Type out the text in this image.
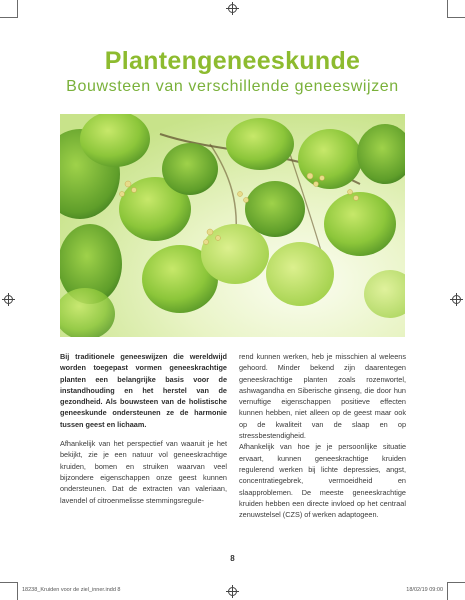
Plantengeneeskunde
Bouwsteen van verschillende geneeswijzen

Bij traditionele geneeswijzen die wereldwijd worden toegepast vormen geneeskrachtige planten een belangrijke basis voor de instandhouding en het herstel van de gezondheid. Als bouwsteen van de holistische geneeskunde ondersteunen ze de harmonie tussen geest en lichaam.

Afhankelijk van het perspectief van waaruit je het bekijkt, zie je een natuur vol geneeskrachtige kruiden, bomen en struiken waarvan veel bijzondere eigenschappen onze geest kunnen ondersteunen. Dat de extracten van valeriaan, lavendel of citroenmelisse stemmingsregule-

rend kunnen werken, heb je misschien al weleens gehoord. Minder bekend zijn daarentegen geneeskrachtige planten zoals rozenwortel, ashwagandha en Siberische ginseng, die door hun vernuftige eigenschappen positieve effecten kunnen hebben, niet alleen op de geest maar ook op de kwaliteit van de slaap en op stressbestendigheid.

Afhankelijk van hoe je je persoonlijke situatie ervaart, kunnen geneeskrachtige kruiden regulerend werken bij lichte depressies, angst, concentratiegebrek, vermoeidheid en slaapproblemen. De meeste geneeskrachtige kruiden hebben een directe invloed op het centraal zenuwstelsel (CZS) of werken adaptogeen.

8
18238_Kruiden voor de ziel_inner.indd 8	18/02/19 09:00
